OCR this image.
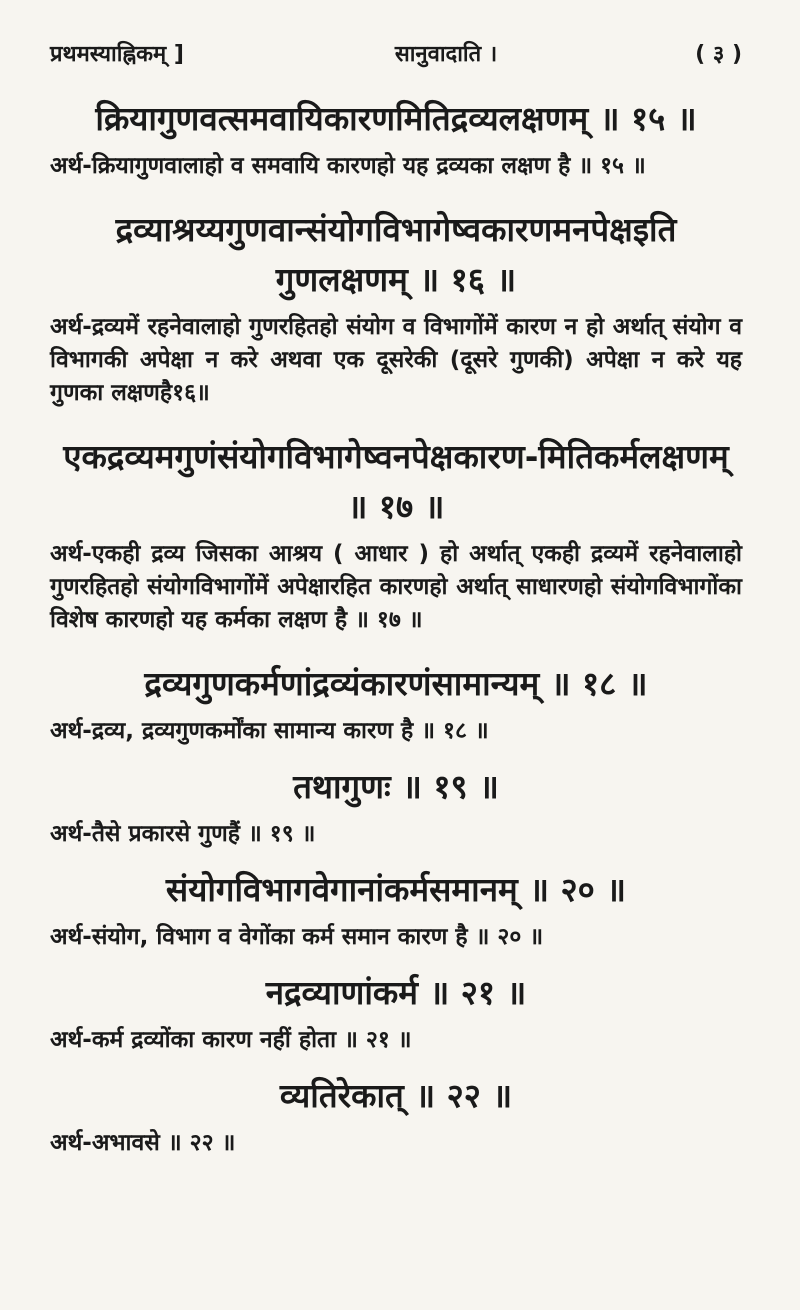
प्रथमस्याह्निकम् ]	सानुवादाति ।	( ३ )
क्रियागुणवत्समवायिकारणमितिद्रव्यलक्षणम् ॥ १५ ॥
अर्थ-क्रियागुणवालाहो व समवायि कारणहो यह द्रव्यका लक्षण है ॥ १५ ॥
द्रव्याश्रय्यगुणवान्संयोगविभागेष्वकारणमनपेक्षइति गुणलक्षणम् ॥ १६ ॥
अर्थ-द्रव्यमें रहनेवालाहो गुणरहितहो संयोग व विभागोंमें कारण न हो अर्थात् संयोग व विभागकी अपेक्षा न करे अथवा एक दूसरेकी (दूसरे गुणकी) अपेक्षा न करे यह गुणका लक्षणहै१६॥
एकद्रव्यमगुणंसंयोगविभागेष्वनपेक्षकारण-मितिकर्मलक्षणम् ॥ १७ ॥
अर्थ-एकही द्रव्य जिसका आश्रय ( आधार ) हो अर्थात् एकही द्रव्यमें रहनेवालाहो गुणरहितहो संयोगविभागोंमें अपेक्षारहित कारणहो अर्थात् साधारणहो संयोगविभागोंका विशेष कारणहो यह कर्मका लक्षण है ॥ १७ ॥
द्रव्यगुणकर्मणांद्रव्यंकारणंसामान्यम् ॥ १८ ॥
अर्थ-द्रव्य, द्रव्यगुणकर्मोंका सामान्य कारण है ॥ १८ ॥
तथागुणः ॥ १९ ॥
अर्थ-तैसे प्रकारसे गुणहैं ॥ १९ ॥
संयोगविभागवेगानांकर्मसमानम् ॥ २० ॥
अर्थ-संयोग, विभाग व वेगोंका कर्म समान कारण है ॥ २० ॥
नद्रव्याणांकर्म ॥ २१ ॥
अर्थ-कर्म द्रव्योंका कारण नहीं होता ॥ २१ ॥
व्यतिरेकात् ॥ २२ ॥
अर्थ-अभावसे ॥ २२ ॥
